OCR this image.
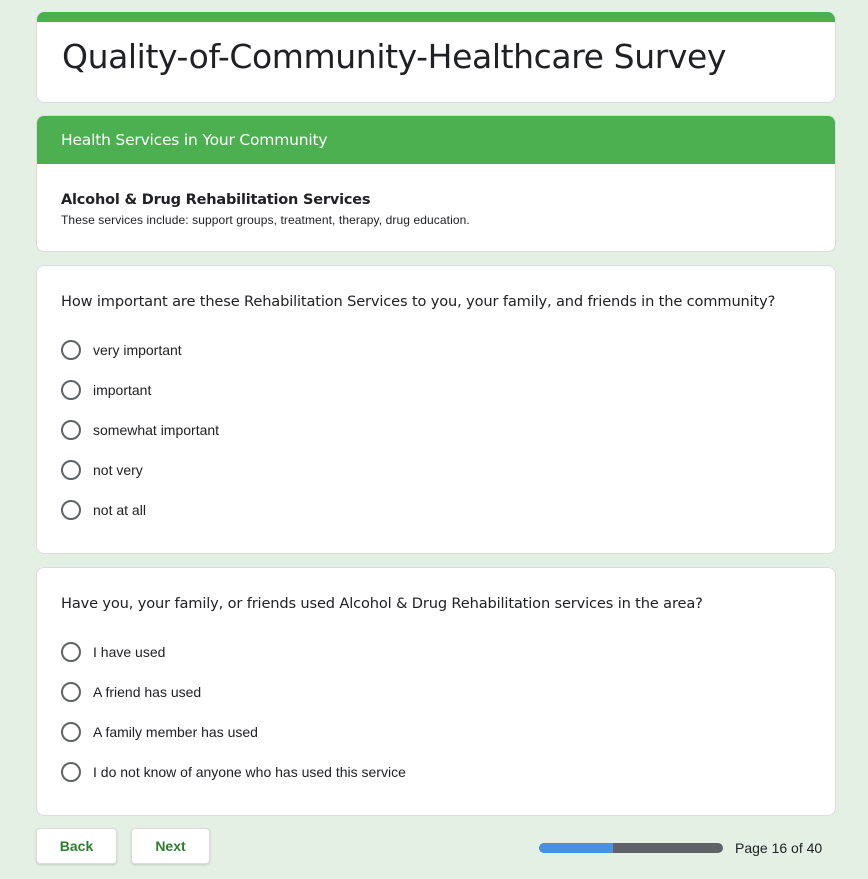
Quality-of-Community-Healthcare Survey
Health Services in Your Community
Alcohol & Drug Rehabilitation Services
These services include: support groups, treatment, therapy, drug education.
How important are these Rehabilitation Services to you, your family, and friends in the community?
very important
important
somewhat important
not very
not at all
Have you, your family, or friends used Alcohol & Drug Rehabilitation services in the area?
I have used
A friend has used
A family member has used
I do not know of anyone who has used this service
Back	Next	Page 16 of 40
